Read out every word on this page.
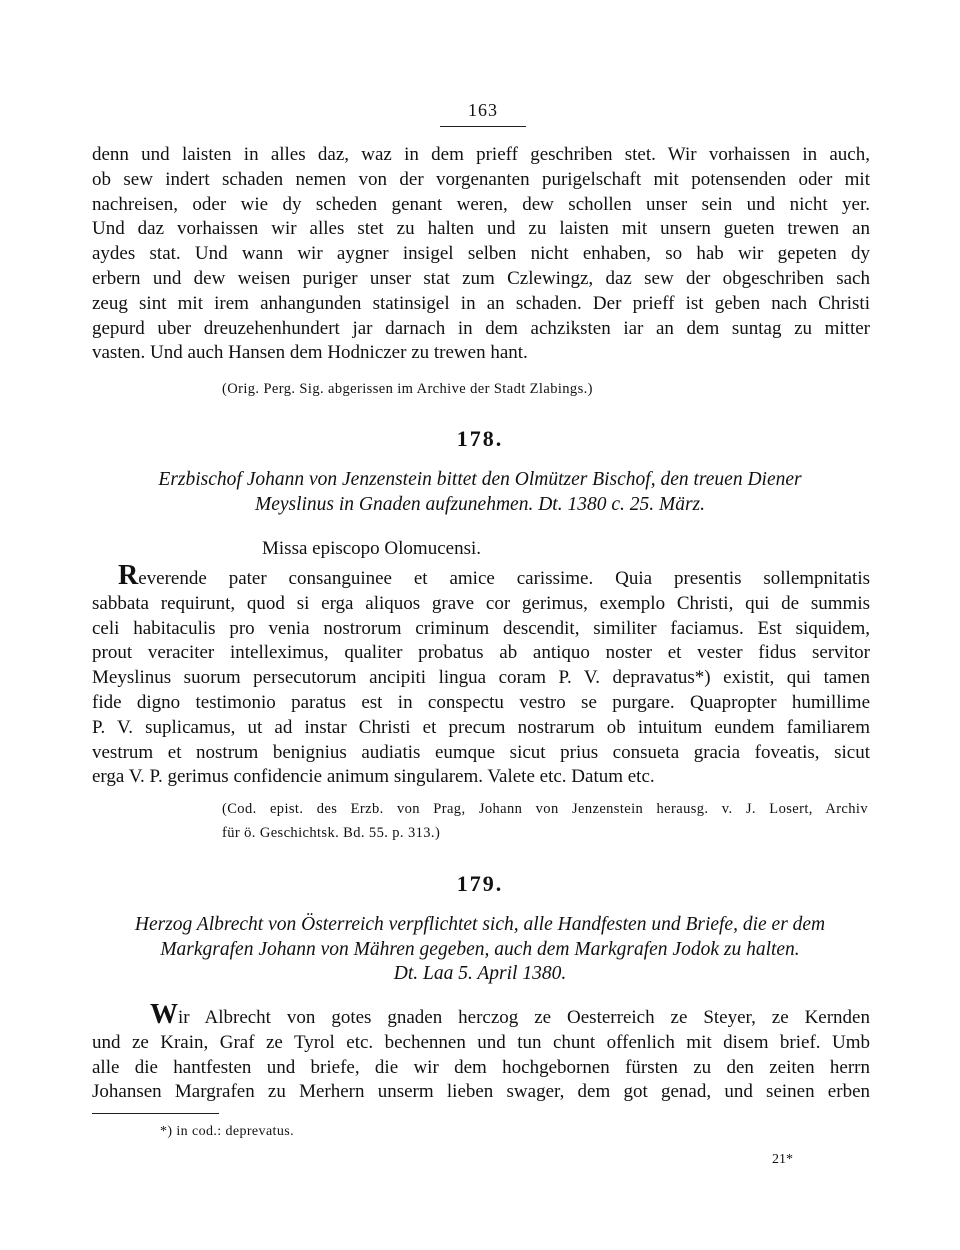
163
denn und laisten in alles daz, waz in dem prieff geschriben stet. Wir vorhaissen in auch,
ob sew indert schaden nemen von der vorgenanten purigelschaft mit potensenden oder mit
nachreisen, oder wie dy scheden genant weren, dew schollen unser sein und nicht yer.
Und daz vorhaissen wir alles stet zu halten und zu laisten mit unsern gueten trewen an
aydes stat. Und wann wir aygner insigel selben nicht enhaben, so hab wir gepeten dy
erbern und dew weisen puriger unser stat zum Czlewingz, daz sew der obgeschriben sach
zeug sint mit irem anhangunden statinsigel in an schaden. Der prieff ist geben nach Christi
gepurd uber dreuzehenhundert jar darnach in dem achziksten iar an dem suntag zu mitter
vasten. Und auch Hansen dem Hodniczer zu trewen hant.
(Orig. Perg. Sig. abgerissen im Archive der Stadt Zlabings.)
178.
Erzbischof Johann von Jenzenstein bittet den Olmützer Bischof, den treuen Diener
Meyslinus in Gnaden aufzunehmen. Dt. 1380 c. 25. März.
Missa episcopo Olomucensi.
Reverende pater consanguinee et amice carissime. Quia presentis sollempnitatis
sabbata requirunt, quod si erga aliquos grave cor gerimus, exemplo Christi, qui de summis
celi habitaculis pro venia nostrorum criminum descendit, similiter faciamus. Est siquidem,
prout veraciter intelleximus, qualiter probatus ab antiquo noster et vester fidus servitor
Meyslinus suorum persecutorum ancipiti lingua coram P. V. depravatus*) existit, qui tamen
fide digno testimonio paratus est in conspectu vestro se purgare. Quapropter humillime
P. V. suplicamus, ut ad instar Christi et precum nostrarum ob intuitum eundem familiarem
vestrum et nostrum benignius audiatis eumque sicut prius consueta gracia foveatis, sicut
erga V. P. gerimus confidencie animum singularem. Valete etc. Datum etc.
(Cod. epist. des Erzb. von Prag, Johann von Jenzenstein herausg. v. J. Losert, Archiv
für ö. Geschichtsk. Bd. 55. p. 313.)
179.
Herzog Albrecht von Österreich verpflichtet sich, alle Handfesten und Briefe, die er dem
Markgrafen Johann von Mähren gegeben, auch dem Markgrafen Jodok zu halten.
Dt. Laa 5. April 1380.
Wir Albrecht von gotes gnaden herczog ze Oesterreich ze Steyer, ze Kernden
und ze Krain, Graf ze Tyrol etc. bechennen und tun chunt offenlich mit disem brief. Umb
alle die hantfesten und briefe, die wir dem hochgebornen fürsten zu den zeiten herrn
Johansen Margrafen zu Merhern unserm lieben swager, dem got genad, und seinen erben
*) in cod.: deprevatus.
21*
